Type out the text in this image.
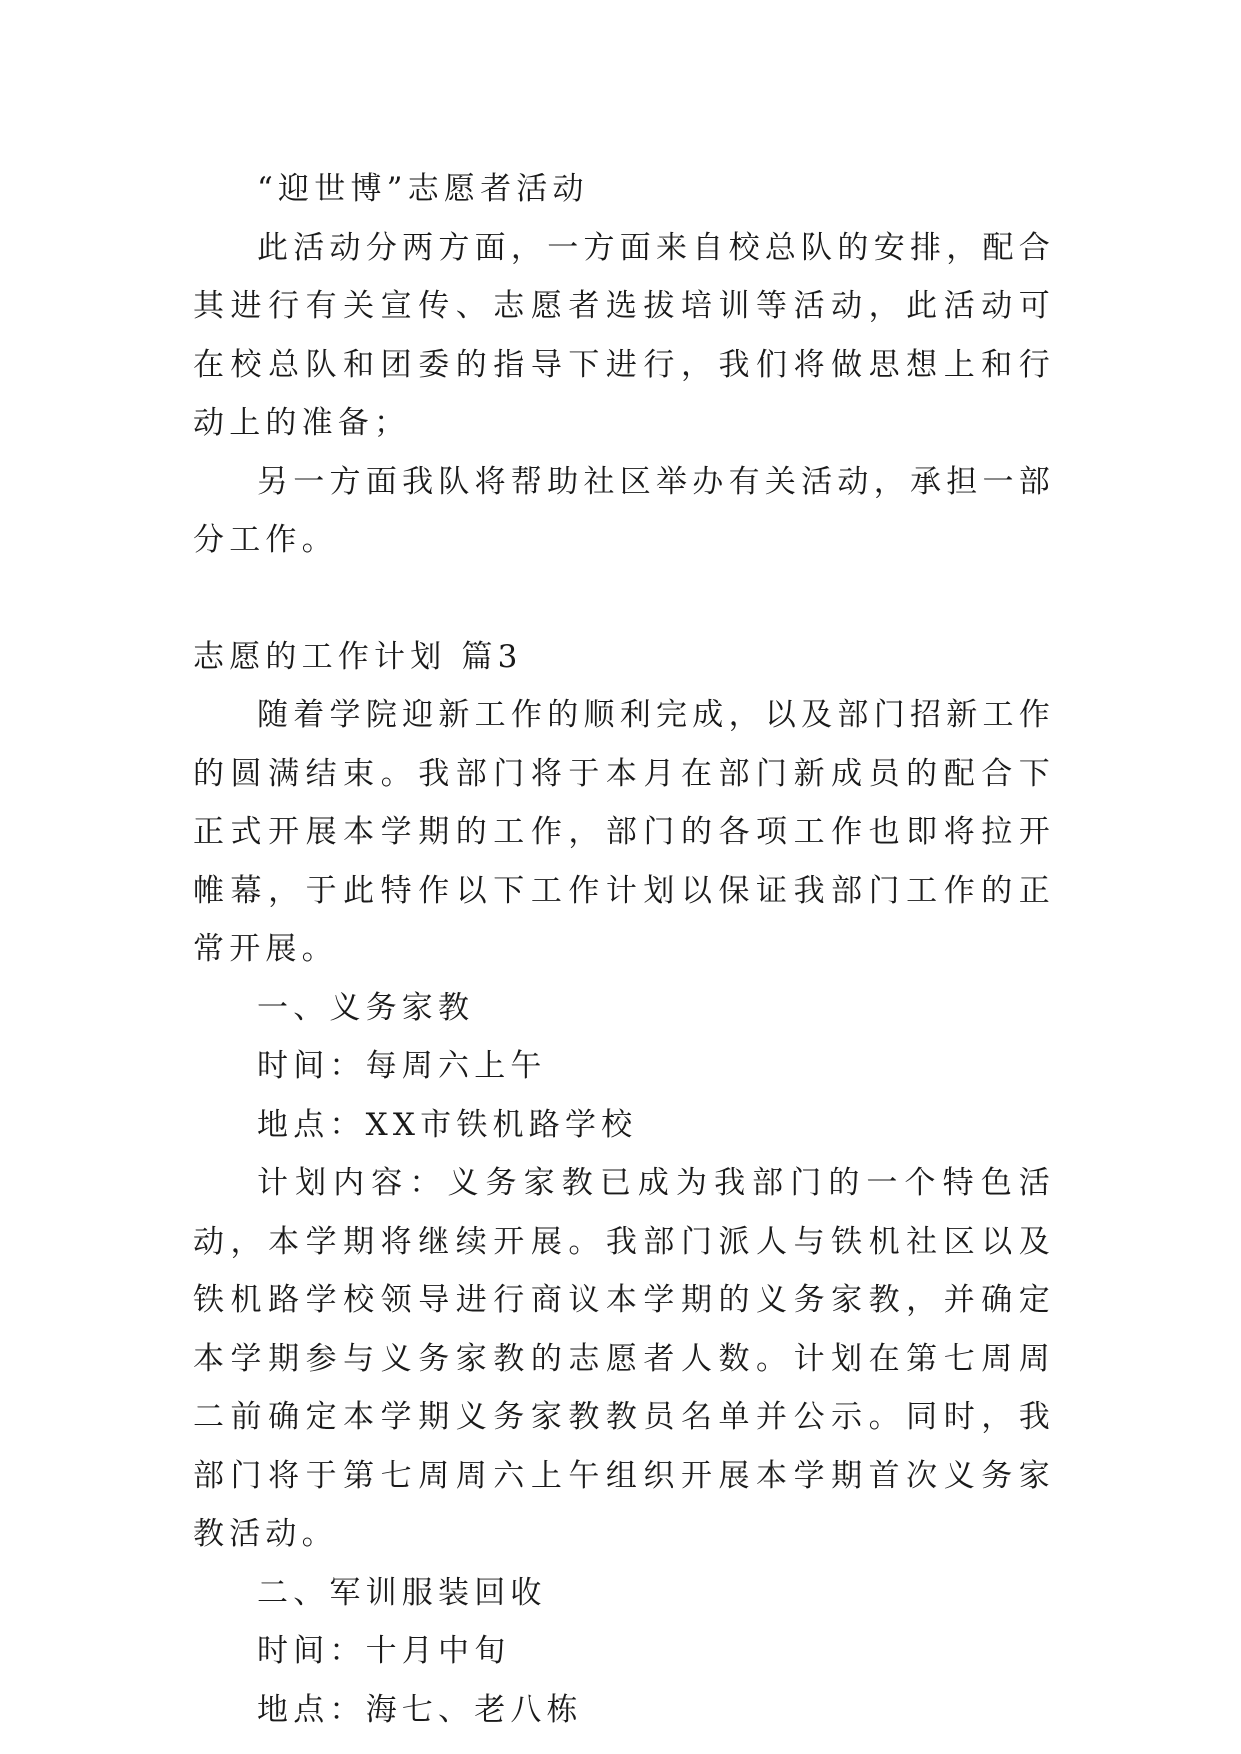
“迎世博”志愿者活动

此活动分两方面，一方面来自校总队的安排，配合其进行有关宣传、志愿者选拔培训等活动，此活动可在校总队和团委的指导下进行，我们将做思想上和行动上的准备；

另一方面我队将帮助社区举办有关活动，承担一部分工作。

志愿的工作计划 篇3

随着学院迎新工作的顺利完成，以及部门招新工作的圆满结束。我部门将于本月在部门新成员的配合下正式开展本学期的工作，部门的各项工作也即将拉开帷幕，于此特作以下工作计划以保证我部门工作的正常开展。

一、义务家教

时间：每周六上午

地点：XX市铁机路学校

计划内容：义务家教已成为我部门的一个特色活动，本学期将继续开展。我部门派人与铁机社区以及铁机路学校领导进行商议本学期的义务家教，并确定本学期参与义务家教的志愿者人数。计划在第七周周二前确定本学期义务家教教员名单并公示。同时，我部门将于第七周周六上午组织开展本学期首次义务家教活动。

二、军训服装回收

时间：十月中旬

地点：海七、老八栋
